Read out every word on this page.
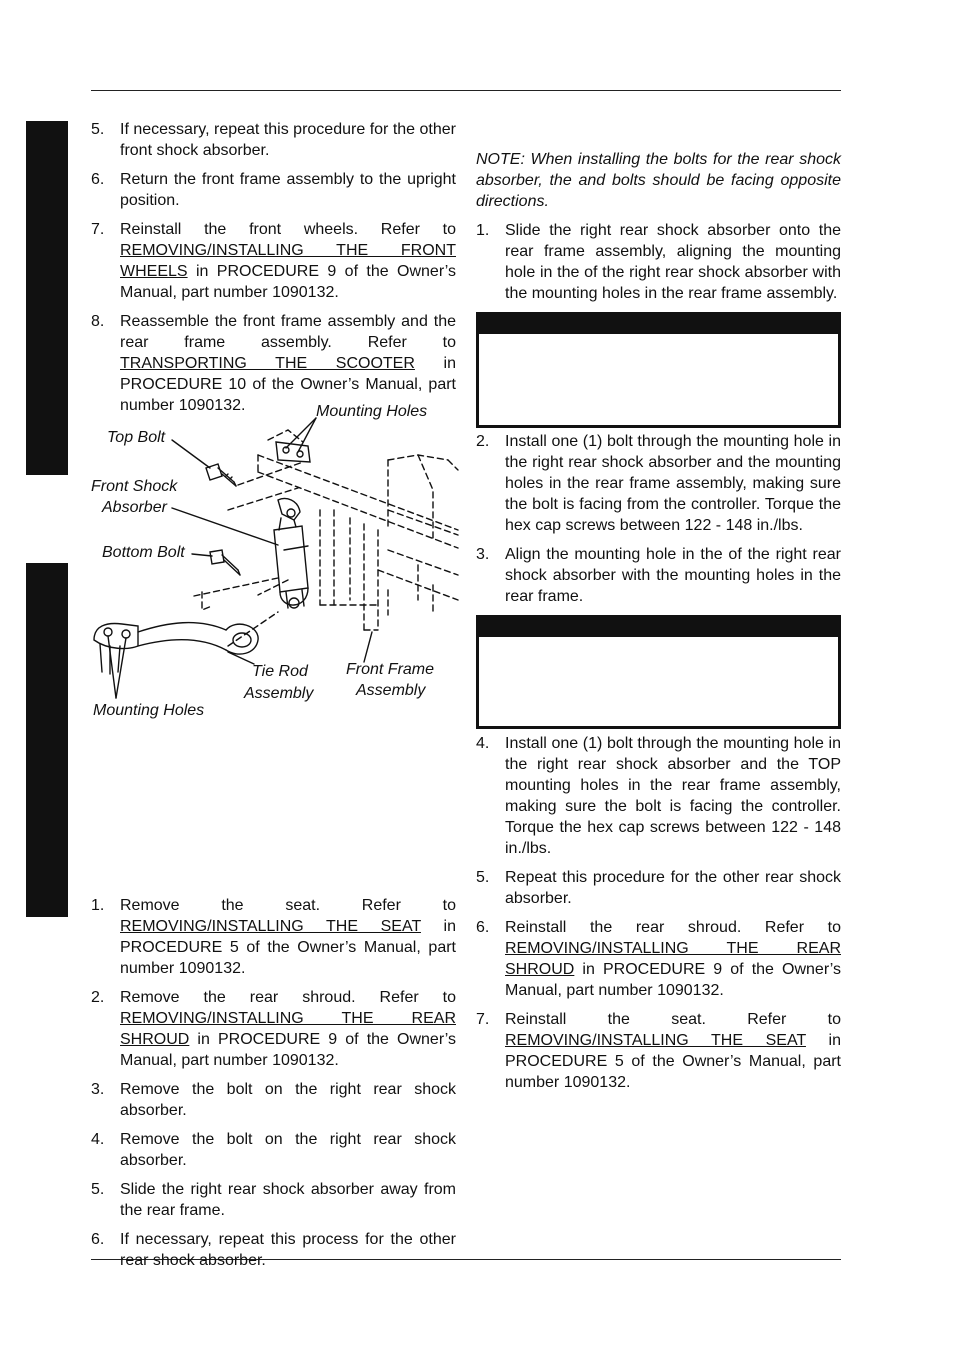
5. If necessary, repeat this procedure for the other front shock absorber.
6. Return the front frame assembly to the upright position.
7. Reinstall the front wheels. Refer to REMOVING/INSTALLING THE FRONT WHEELS in PROCEDURE 9 of the Owner’s Manual, part number 1090132.
8. Reassemble the front frame assembly and the rear frame assembly. Refer to TRANSPORTING THE SCOOTER in PROCEDURE 10 of the Owner’s Manual, part number 1090132.	Mounting Holes
Top Bolt
Front Shock
Absorber
Bottom Bolt
Tie Rod
Assembly
Front Frame
Assembly
Mounting Holes
1. Remove the seat. Refer to REMOVING/INSTALLING THE SEAT in PROCEDURE 5 of the Owner’s Manual, part number 1090132.
2. Remove the rear shroud. Refer to REMOVING/INSTALLING THE REAR SHROUD in PROCEDURE 9 of the Owner’s Manual, part number 1090132.
3. Remove the bolt on the right rear shock absorber.
4. Remove the bolt on the right rear shock absorber.
5. Slide the right rear shock absorber away from the rear frame.
6. If necessary, repeat this process for the other rear shock absorber.
NOTE: When installing the bolts for the rear shock absorber, the and bolts should be facing opposite directions.
1. Slide the right rear shock absorber onto the rear frame assembly, aligning the mounting hole in the of the right rear shock absorber with the mounting holes in the rear frame assembly.
2. Install one (1) bolt through the mounting hole in the right rear shock absorber and the mounting holes in the rear frame assembly, making sure the bolt is facing from the controller. Torque the hex cap screws between 122 - 148 in./lbs.
3. Align the mounting hole in the of the right rear shock absorber with the mounting holes in the rear frame.
4. Install one (1) bolt through the mounting hole in the right rear shock absorber and the TOP mounting holes in the rear frame assembly, making sure the bolt is facing the controller. Torque the hex cap screws between 122 - 148 in./lbs.
5. Repeat this procedure for the other rear shock absorber.
6. Reinstall the rear shroud. Refer to REMOVING/INSTALLING THE REAR SHROUD in PROCEDURE 9 of the Owner’s Manual, part number 1090132.
7. Reinstall the seat. Refer to REMOVING/INSTALLING THE SEAT in PROCEDURE 5 of the Owner’s Manual, part number 1090132.
